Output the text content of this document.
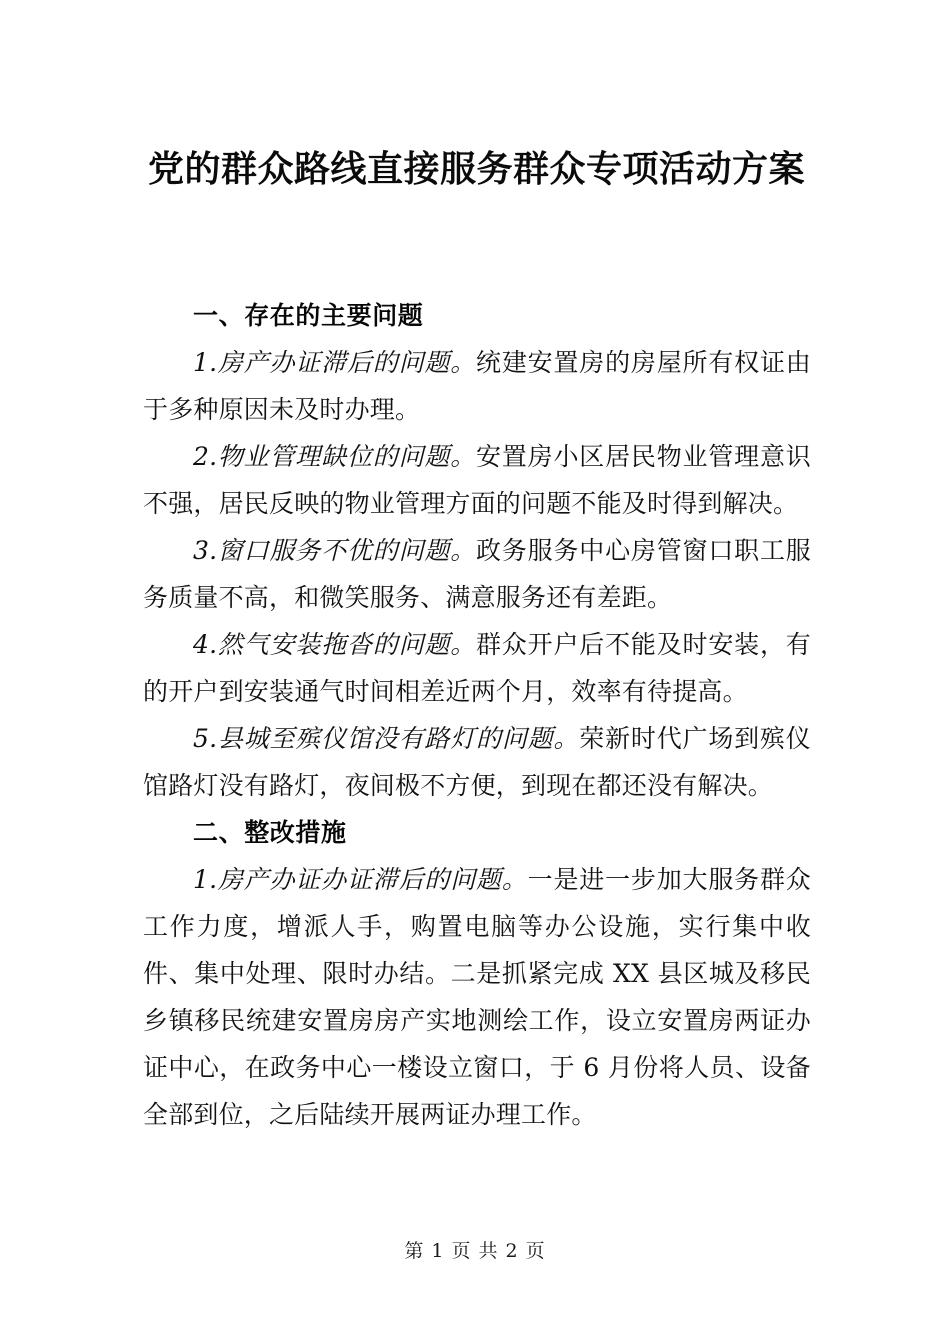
党的群众路线直接服务群众专项活动方案

一、存在的主要问题

1.房产办证滞后的问题。统建安置房的房屋所有权证由于多种原因未及时办理。

2.物业管理缺位的问题。安置房小区居民物业管理意识不强，居民反映的物业管理方面的问题不能及时得到解决。

3.窗口服务不优的问题。政务服务中心房管窗口职工服务质量不高，和微笑服务、满意服务还有差距。

4.然气安装拖沓的问题。群众开户后不能及时安装，有的开户到安装通气时间相差近两个月，效率有待提高。

5.县城至殡仪馆没有路灯的问题。荣新时代广场到殡仪馆路灯没有路灯，夜间极不方便，到现在都还没有解决。

二、整改措施

1.房产办证办证滞后的问题。一是进一步加大服务群众工作力度，增派人手，购置电脑等办公设施，实行集中收件、集中处理、限时办结。二是抓紧完成 XX 县区城及移民乡镇移民统建安置房房产实地测绘工作，设立安置房两证办证中心，在政务中心一楼设立窗口，于 6 月份将人员、设备全部到位，之后陆续开展两证办理工作。

第 1 页 共 2 页
